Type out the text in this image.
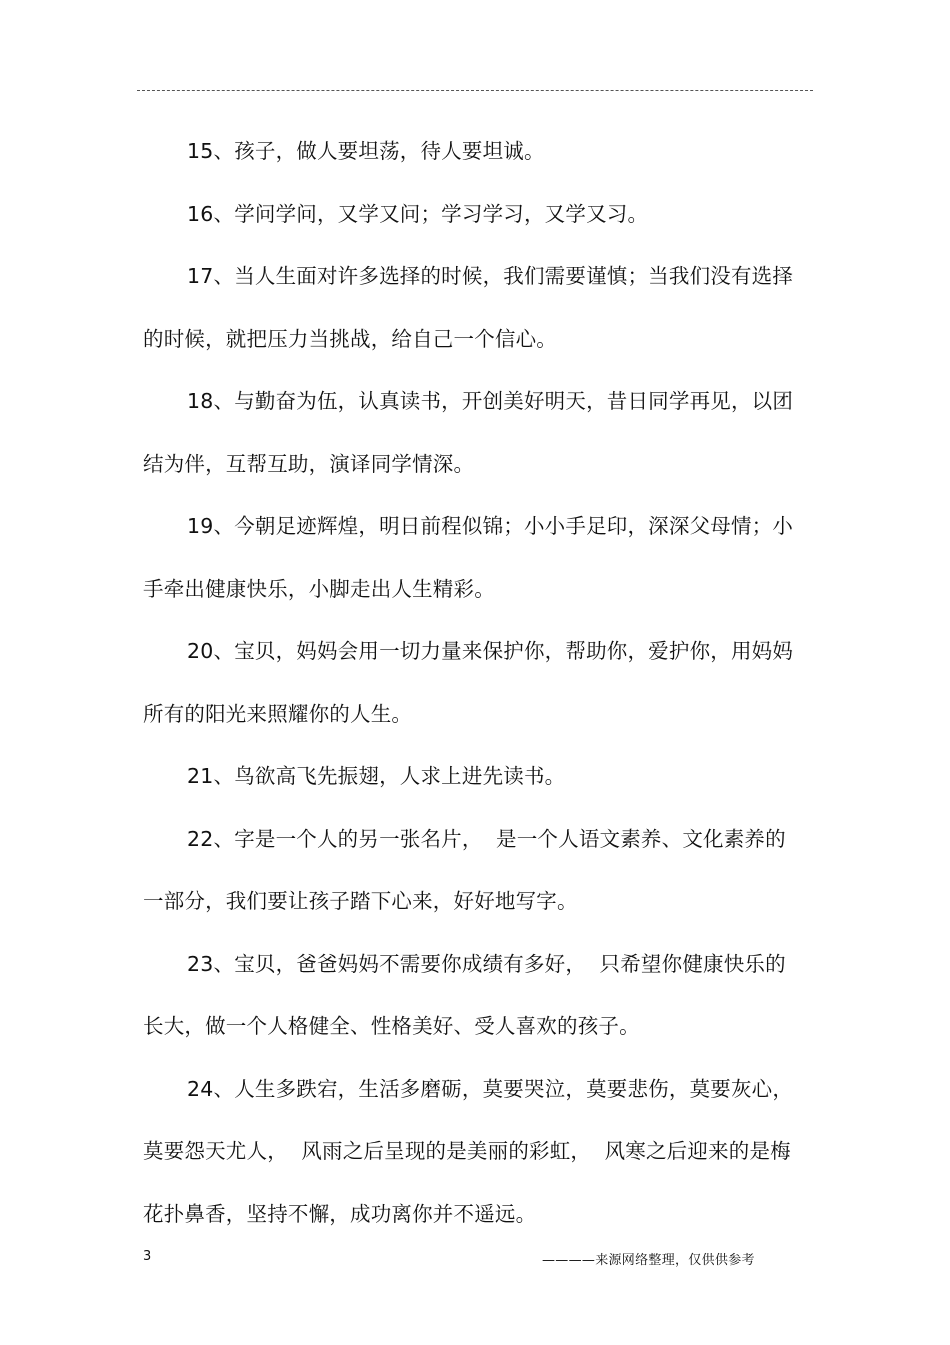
15、孩子，做人要坦荡，待人要坦诚。

16、学问学问，又学又问；学习学习，又学又习。

17、当人生面对许多选择的时候，我们需要谨慎；当我们没有选择的时候，就把压力当挑战，给自己一个信心。

18、与勤奋为伍，认真读书，开创美好明天，昔日同学再见，以团结为伴，互帮互助，演译同学情深。

19、今朝足迹辉煌，明日前程似锦；小小手足印，深深父母情；小手牵出健康快乐，小脚走出人生精彩。

20、宝贝，妈妈会用一切力量来保护你，帮助你，爱护你，用妈妈所有的阳光来照耀你的人生。

21、鸟欲高飞先振翅，人求上进先读书。

22、字是一个人的另一张名片，  是一个人语文素养、文化素养的一部分，我们要让孩子踏下心来，好好地写字。

23、宝贝，爸爸妈妈不需要你成绩有多好，  只希望你健康快乐的长大，做一个人格健全、性格美好、受人喜欢的孩子。

24、人生多跌宕，生活多磨砺，莫要哭泣，莫要悲伤，莫要灰心，莫要怨天尤人，  风雨之后呈现的是美丽的彩虹，  风寒之后迎来的是梅花扑鼻香，坚持不懈，成功离你并不遥远。

3	————来源网络整理，仅供供参考
